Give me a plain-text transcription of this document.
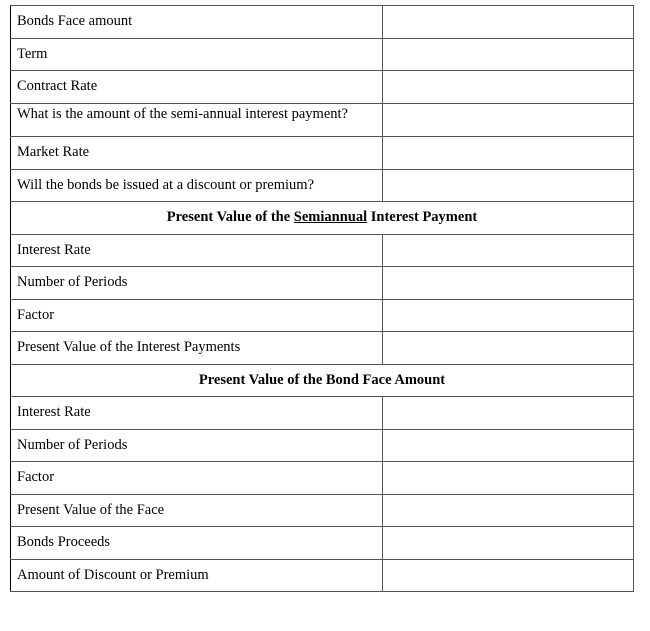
Bonds Face amount	
Term	
Contract Rate	

What is the amount of the semi-annual interest payment?	

Market Rate	
Will the bonds be issued at a discount or premium?	
Present Value of the Semiannual Interest Payment	
Interest Rate	
Number of Periods	
Factor	
Present Value of the Interest Payments	
Present Value of the Bond Face Amount	
Interest Rate	
Number of Periods	
Factor	
Present Value of the Face	
Bonds Proceeds	
Amount of Discount or Premium	
